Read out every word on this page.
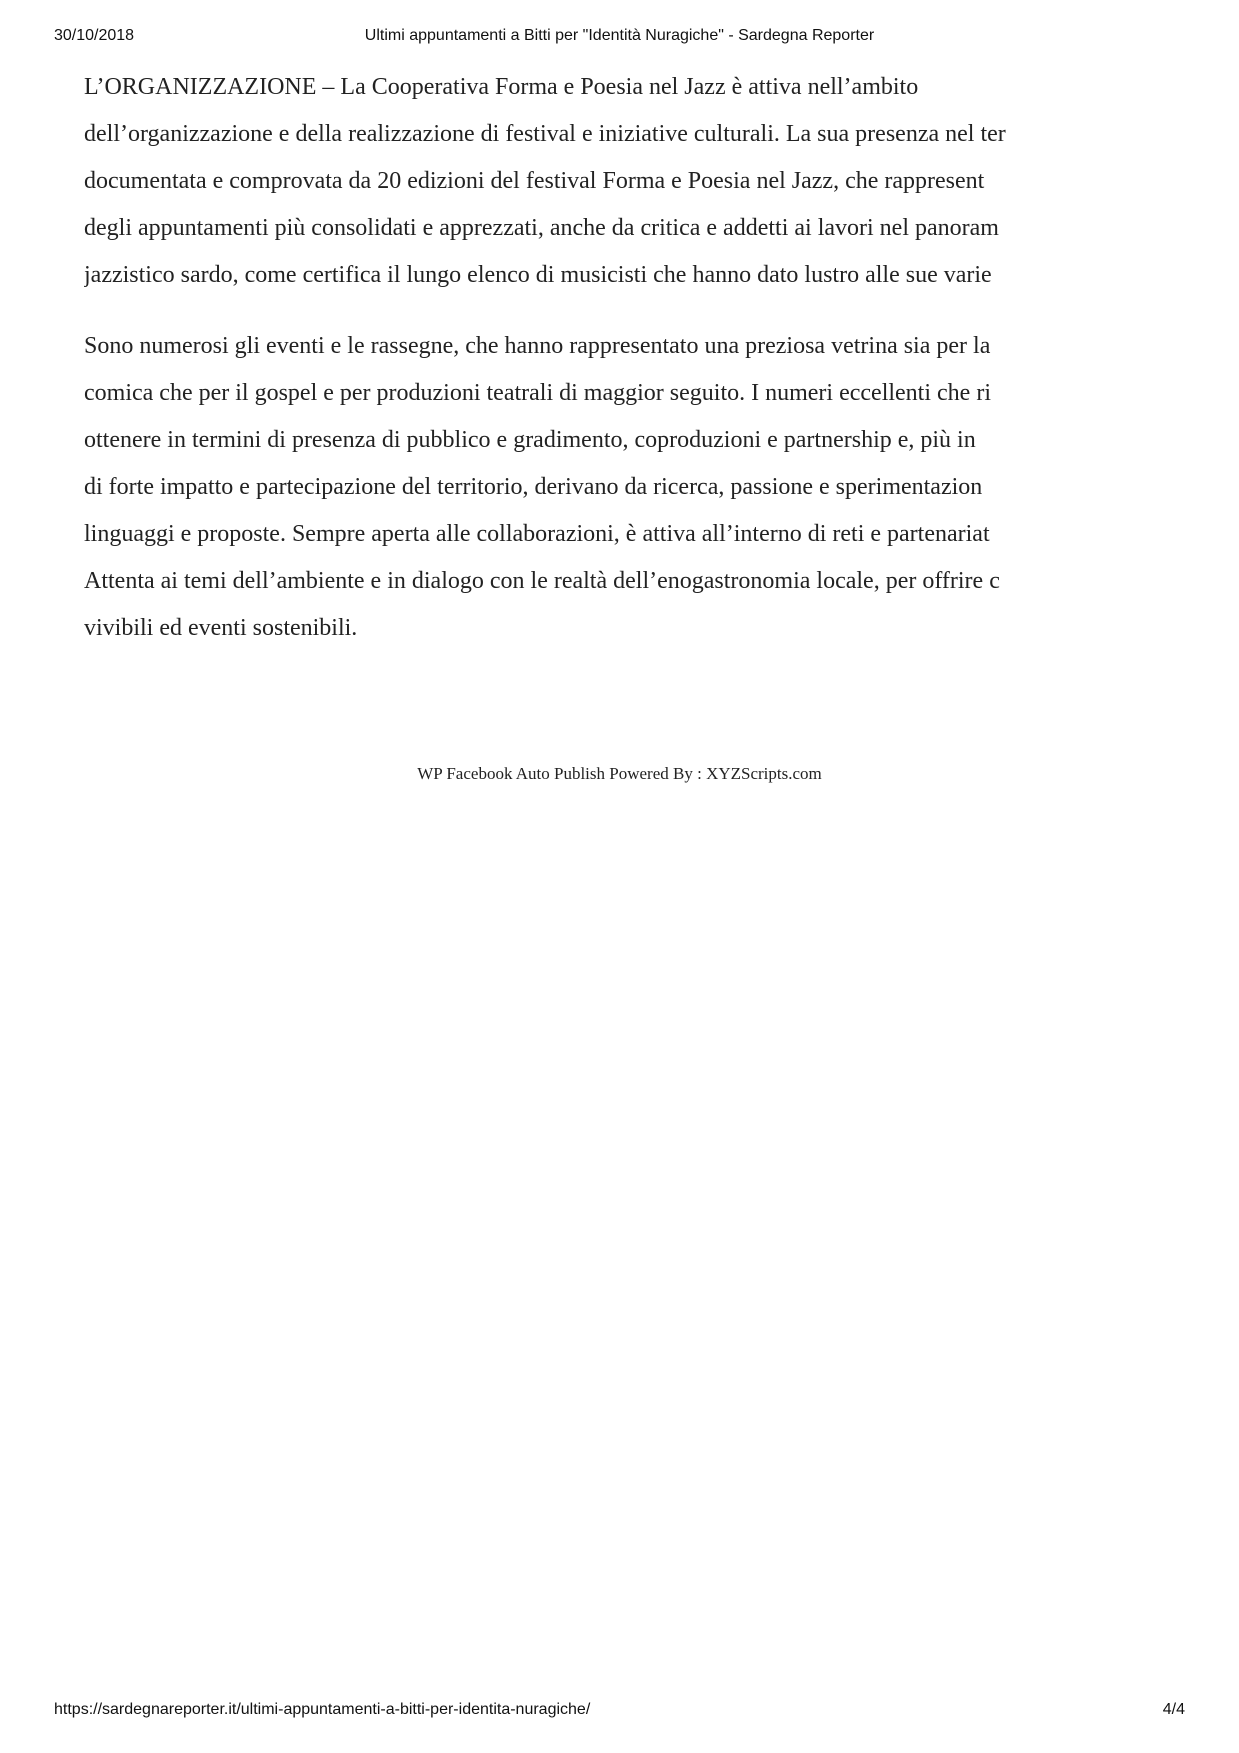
30/10/2018	Ultimi appuntamenti a Bitti per "Identità Nuragiche" - Sardegna Reporter
L’ORGANIZZAZIONE – La Cooperativa Forma e Poesia nel Jazz è attiva nell’ambito
dell’organizzazione e della realizzazione di festival e iniziative culturali. La sua presenza nel ter
documentata e comprovata da 20 edizioni del festival Forma e Poesia nel Jazz, che rappresent
degli appuntamenti più consolidati e apprezzati, anche da critica e addetti ai lavori nel panoram
jazzistico sardo, come certifica il lungo elenco di musicisti che hanno dato lustro alle sue varie
Sono numerosi gli eventi e le rassegne, che hanno rappresentato una preziosa vetrina sia per la
comica che per il gospel e per produzioni teatrali di maggior seguito. I numeri eccellenti che ri
ottenere in termini di presenza di pubblico e gradimento, coproduzioni e partnership e, più in
di forte impatto e partecipazione del territorio, derivano da ricerca, passione e sperimentazion
linguaggi e proposte. Sempre aperta alle collaborazioni, è attiva all’interno di reti e partenariat
Attenta ai temi dell’ambiente e in dialogo con le realtà dell’enogastronomia locale, per offrire c
vivibili ed eventi sostenibili.
WP Facebook Auto Publish Powered By : XYZScripts.com
https://sardegnareporter.it/ultimi-appuntamenti-a-bitti-per-identita-nuragiche/	4/4
